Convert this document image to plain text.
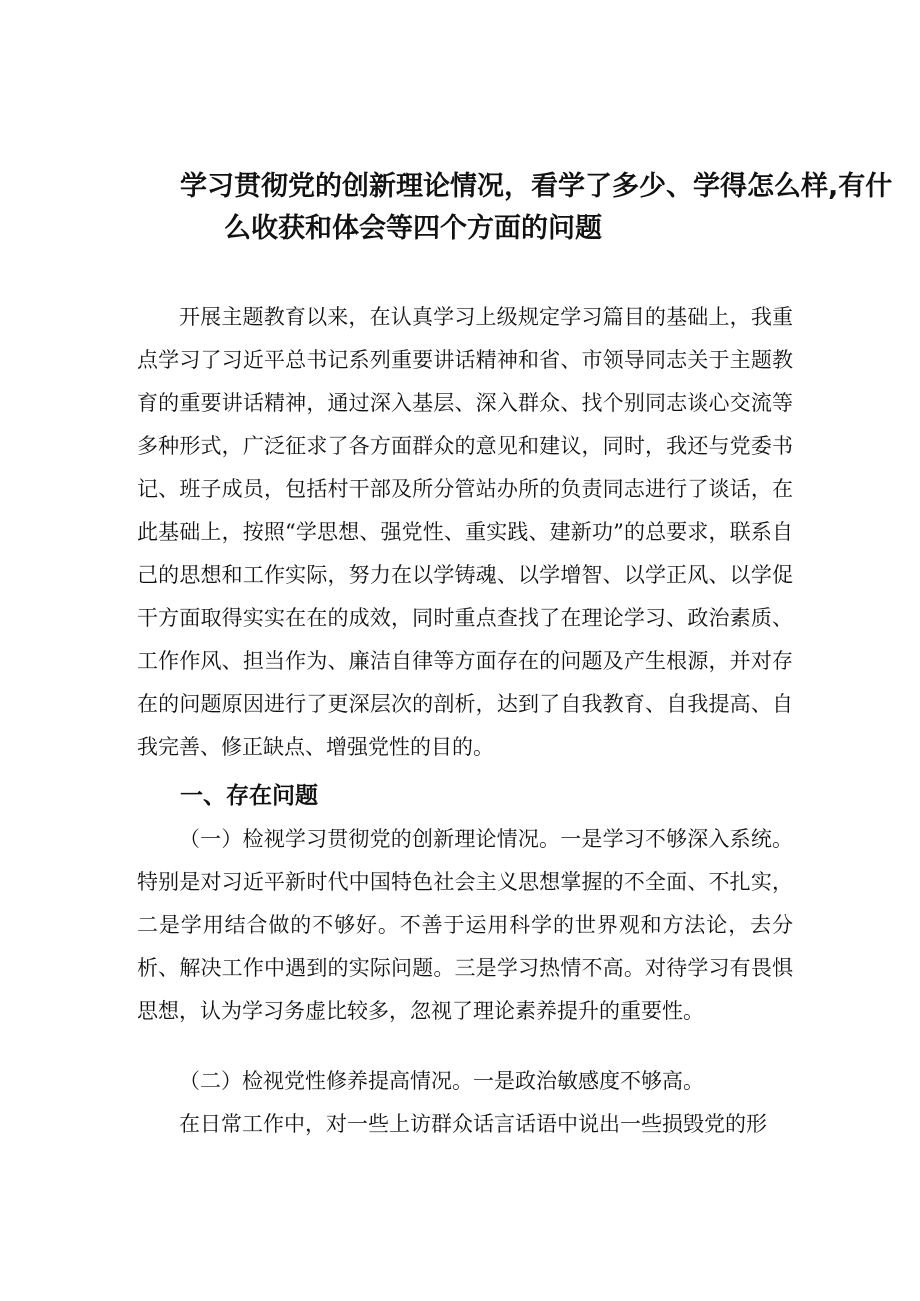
学习贯彻党的创新理论情况，看学了多少、学得怎么样,有什
么收获和体会等四个方面的问题

开展主题教育以来，在认真学习上级规定学习篇目的基础上，我重点学习了习近平总书记系列重要讲话精神和省、市领导同志关于主题教育的重要讲话精神，通过深入基层、深入群众、找个别同志谈心交流等多种形式，广泛征求了各方面群众的意见和建议，同时，我还与党委书记、班子成员，包括村干部及所分管站办所的负责同志进行了谈话，在此基础上，按照“学思想、强党性、重实践、建新功”的总要求，联系自己的思想和工作实际，努力在以学铸魂、以学增智、以学正风、以学促干方面取得实实在在的成效，同时重点查找了在理论学习、政治素质、工作作风、担当作为、廉洁自律等方面存在的问题及产生根源，并对存在的问题原因进行了更深层次的剖析，达到了自我教育、自我提高、自我完善、修正缺点、增强党性的目的。

一、存在问题

（一）检视学习贯彻党的创新理论情况。一是学习不够深入系统。特别是对习近平新时代中国特色社会主义思想掌握的不全面、不扎实，二是学用结合做的不够好。不善于运用科学的世界观和方法论，去分析、解决工作中遇到的实际问题。三是学习热情不高。对待学习有畏惧思想，认为学习务虚比较多，忽视了理论素养提升的重要性。

（二）检视党性修养提高情况。一是政治敏感度不够高。

在日常工作中，对一些上访群众话言话语中说出一些损毁党的形
